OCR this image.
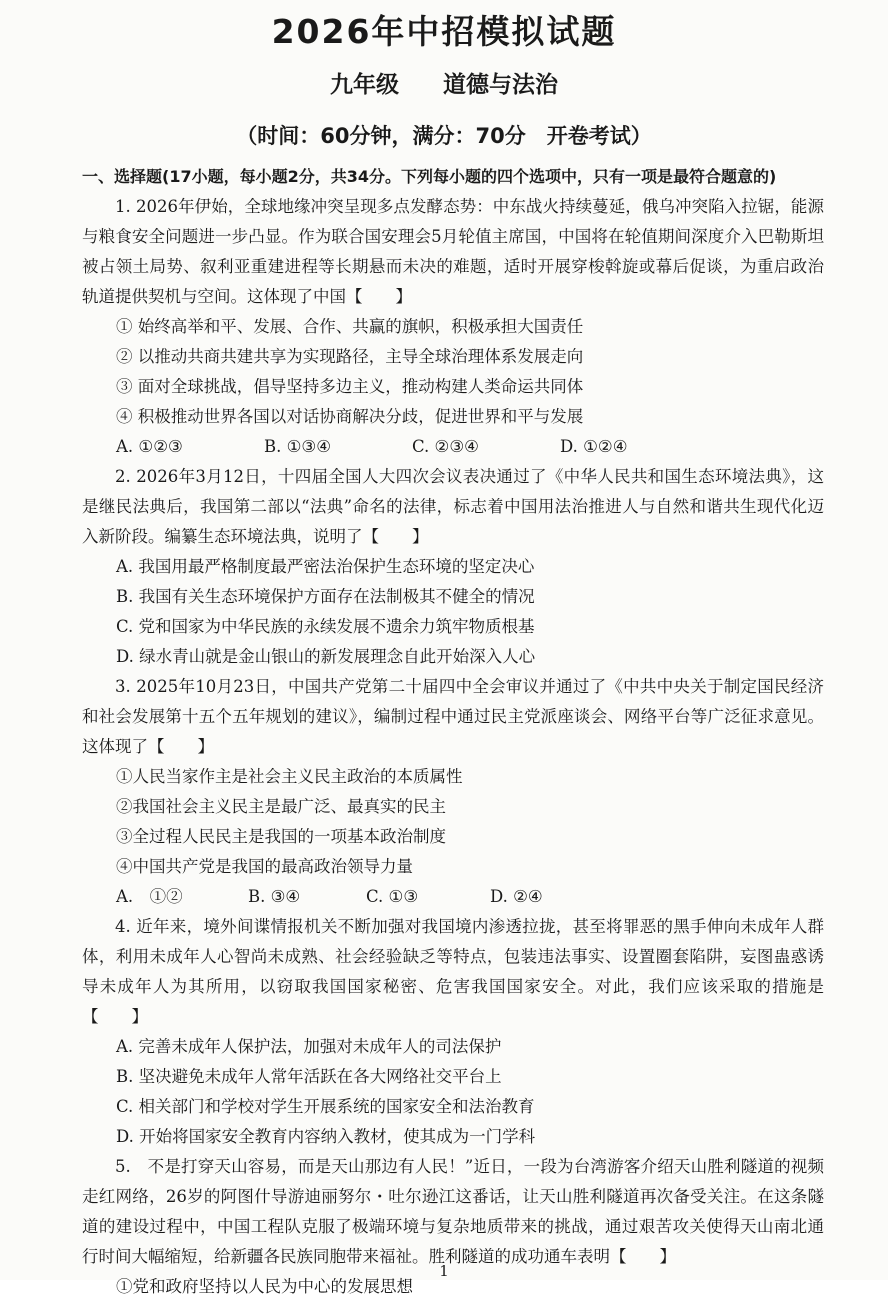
2026年中招模拟试题
九年级 道德与法治
（时间：60分钟，满分：70分　开卷考试）
一、选择题(17小题，每小题2分，共34分。下列每小题的四个选项中，只有一项是最符合题意的)

1. 2026年伊始，全球地缘冲突呈现多点发酵态势：中东战火持续蔓延，俄乌冲突陷入拉锯，能源与粮食安全问题进一步凸显。作为联合国安理会5月轮值主席国，中国将在轮值期间深度介入巴勒斯坦被占领土局势、叙利亚重建进程等长期悬而未决的难题，适时开展穿梭斡旋或幕后促谈，为重启政治轨道提供契机与空间。这体现了中国【　　】

① 始终高举和平、发展、合作、共赢的旗帜，积极承担大国责任

② 以推动共商共建共享为实现路径，主导全球治理体系发展走向

③ 面对全球挑战，倡导坚持多边主义，推动构建人类命运共同体

④ 积极推动世界各国以对话协商解决分歧，促进世界和平与发展

A. ①②③	B. ①③④	C. ②③④	D. ①②④

2. 2026年3月12日，十四届全国人大四次会议表决通过了《中华人民共和国生态环境法典》，这是继民法典后，我国第二部以“法典”命名的法律，标志着中国用法治推进人与自然和谐共生现代化迈入新阶段。编纂生态环境法典，说明了【　　】

A. 我国用最严格制度最严密法治保护生态环境的坚定决心

B. 我国有关生态环境保护方面存在法制极其不健全的情况

C. 党和国家为中华民族的永续发展不遗余力筑牢物质根基

D. 绿水青山就是金山银山的新发展理念自此开始深入人心

3. 2025年10月23日，中国共产党第二十届四中全会审议并通过了《中共中央关于制定国民经济和社会发展第十五个五年规划的建议》，编制过程中通过民主党派座谈会、网络平台等广泛征求意见。这体现了【　　】

①人民当家作主是社会主义民主政治的本质属性

②我国社会主义民主是最广泛、最真实的民主

③全过程人民民主是我国的一项基本政治制度

④中国共产党是我国的最高政治领导力量

A.　①②	B. ③④	C. ①③	D. ②④

4. 近年来，境外间谍情报机关不断加强对我国境内渗透拉拢，甚至将罪恶的黑手伸向未成年人群体，利用未成年人心智尚未成熟、社会经验缺乏等特点，包装违法事实、设置圈套陷阱，妄图蛊惑诱导未成年人为其所用，以窃取我国国家秘密、危害我国国家安全。对此，我们应该采取的措施是【　　】

A. 完善未成年人保护法，加强对未成年人的司法保护

B. 坚决避免未成年人常年活跃在各大网络社交平台上

C. 相关部门和学校对学生开展系统的国家安全和法治教育

D. 开始将国家安全教育内容纳入教材，使其成为一门学科

5.　不是打穿天山容易，而是天山那边有人民！”近日，一段为台湾游客介绍天山胜利隧道的视频走红网络，26岁的阿图什导游迪丽努尔・吐尔逊江这番话，让天山胜利隧道再次备受关注。在这条隧道的建设过程中，中国工程队克服了极端环境与复杂地质带来的挑战，通过艰苦攻关使得天山南北通行时间大幅缩短，给新疆各民族同胞带来福祉。胜利隧道的成功通车表明【　　】

①党和政府坚持以人民为中心的发展思想

1
